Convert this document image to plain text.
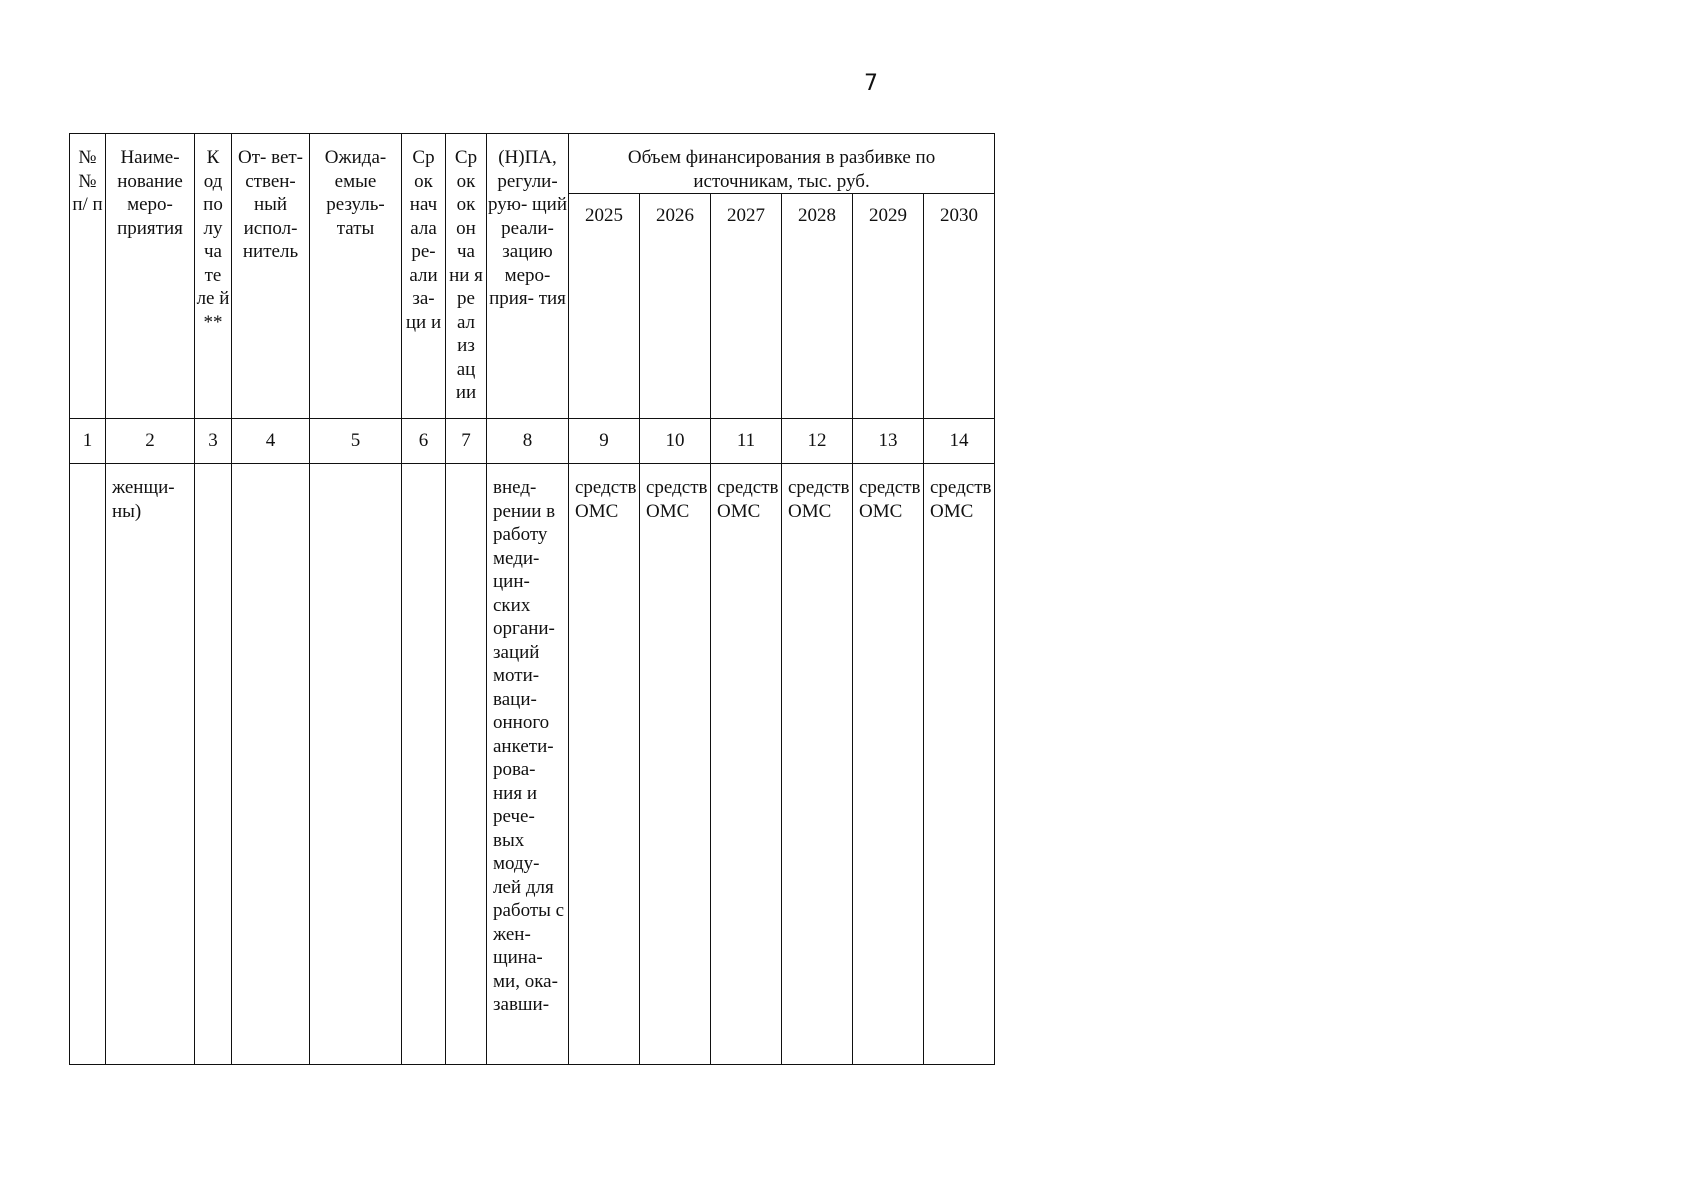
7
№ № п/ п	Наиме- нование меро- приятия	К од по лу ча те ле й **	От- вет- ствен- ный испол- нитель	Ожида- емые резуль- таты	Ср ок нач ала ре- али за- ци и	Ср ок ок он ча ни я ре ал из ац ии	(Н)ПА, регули- рую- щий реали- зацию меро- прия- тия	Объем финансирования в разбивке по источникам, тыс. руб.					
								2025	2026	2027	2028	2029	2030
1	2	3	4	5	6	7	8	9	10	11	12	13	14
	женщи- ны)						внед- рении в работу меди- цин- ских органи- заций моти- ваци- онного анкети- рова- ния и рече- вых моду- лей для работы с жен- щина- ми, ока- завши-	средств ОМС	средств ОМС	средств ОМС	средств ОМС	средств ОМС	средств ОМС
